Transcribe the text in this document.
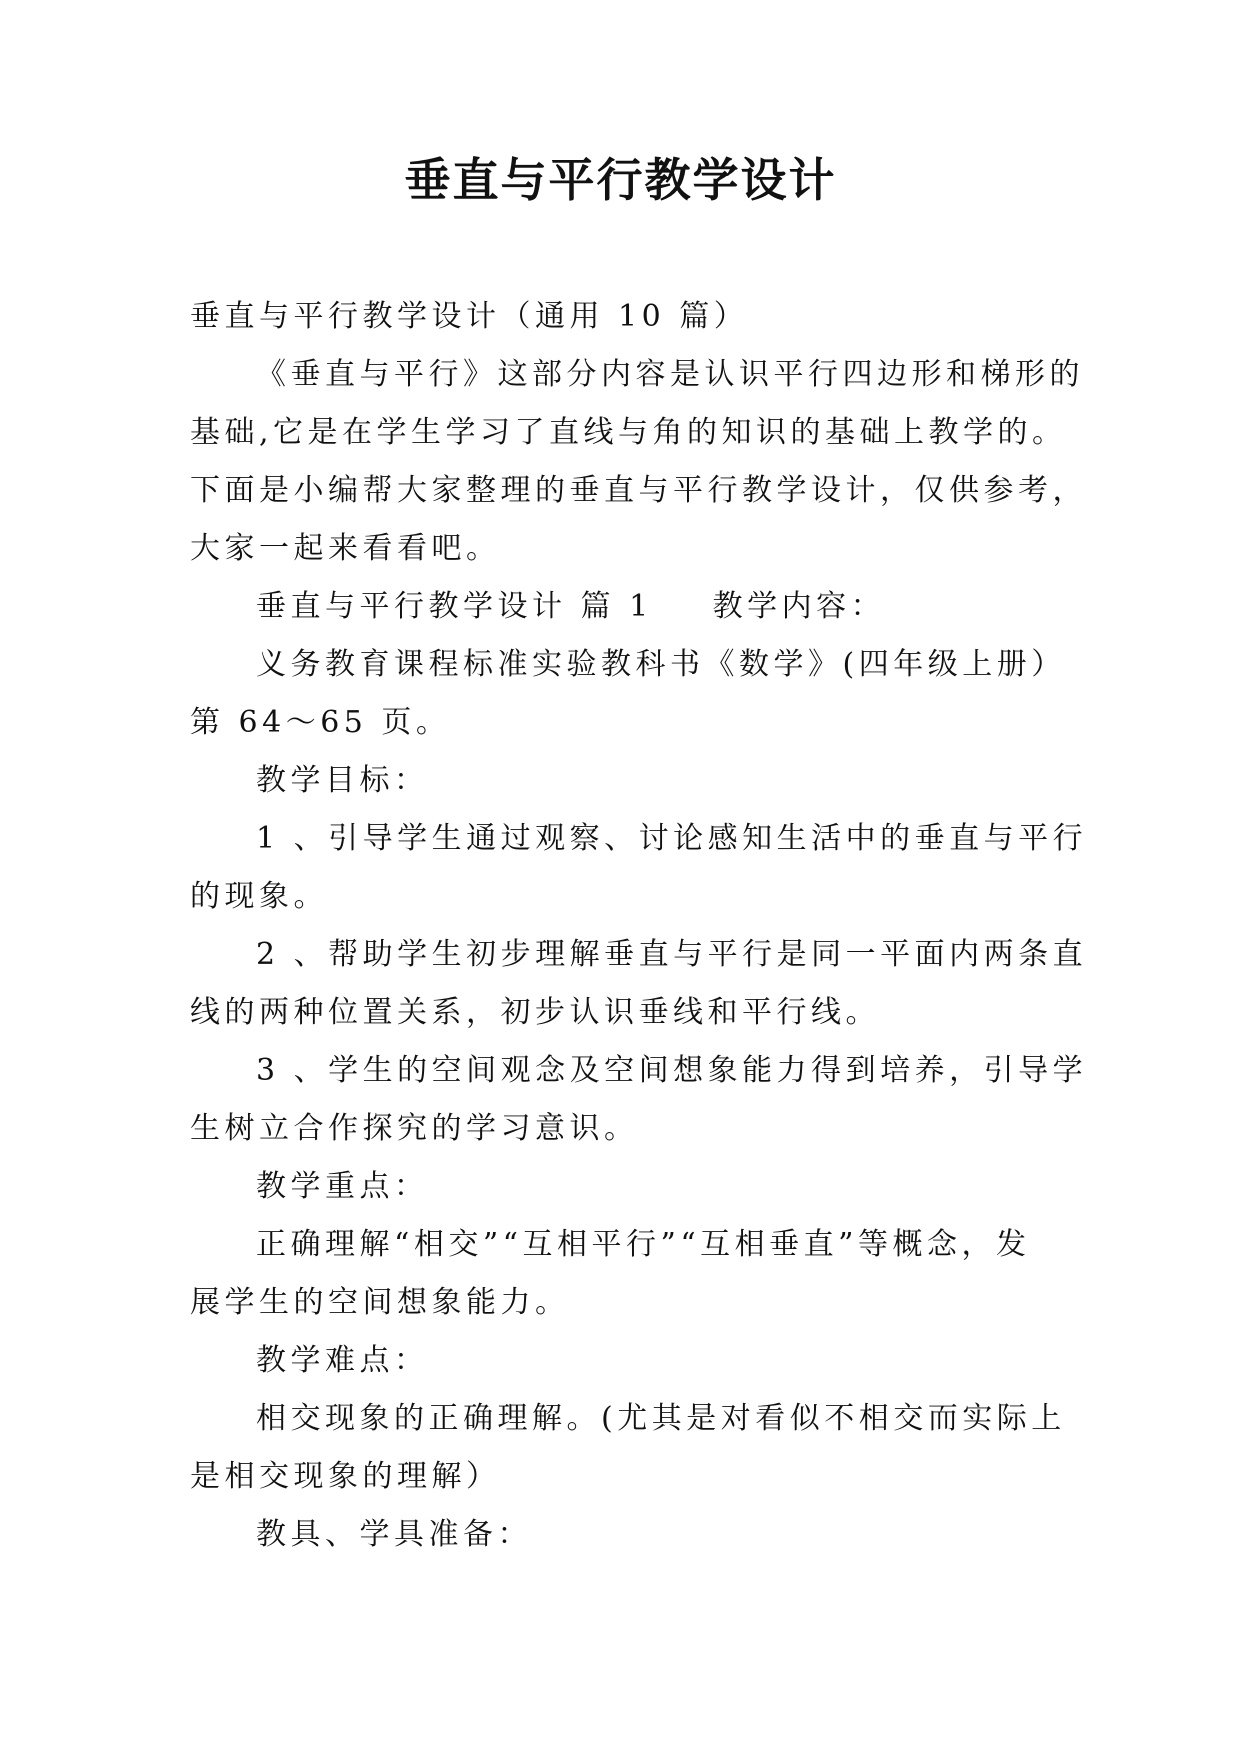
垂直与平行教学设计
垂直与平行教学设计（通用 10 篇）
《垂直与平行》这部分内容是认识平行四边形和梯形的
基础,它是在学生学习了直线与角的知识的基础上教学的。
下面是小编帮大家整理的垂直与平行教学设计，仅供参考，
大家一起来看看吧。
垂直与平行教学设计 篇 1 教学内容：
义务教育课程标准实验教科书《数学》(四年级上册）
第 64～65 页。
教学目标：
1 、引导学生通过观察、讨论感知生活中的垂直与平行
的现象。
2 、帮助学生初步理解垂直与平行是同一平面内两条直
线的两种位置关系，初步认识垂线和平行线。
3 、学生的空间观念及空间想象能力得到培养，引导学
生树立合作探究的学习意识。
教学重点：
正确理解“相交”“互相平行”“互相垂直”等概念，发
展学生的空间想象能力。
教学难点：
相交现象的正确理解。(尤其是对看似不相交而实际上
是相交现象的理解）
教具、学具准备：
